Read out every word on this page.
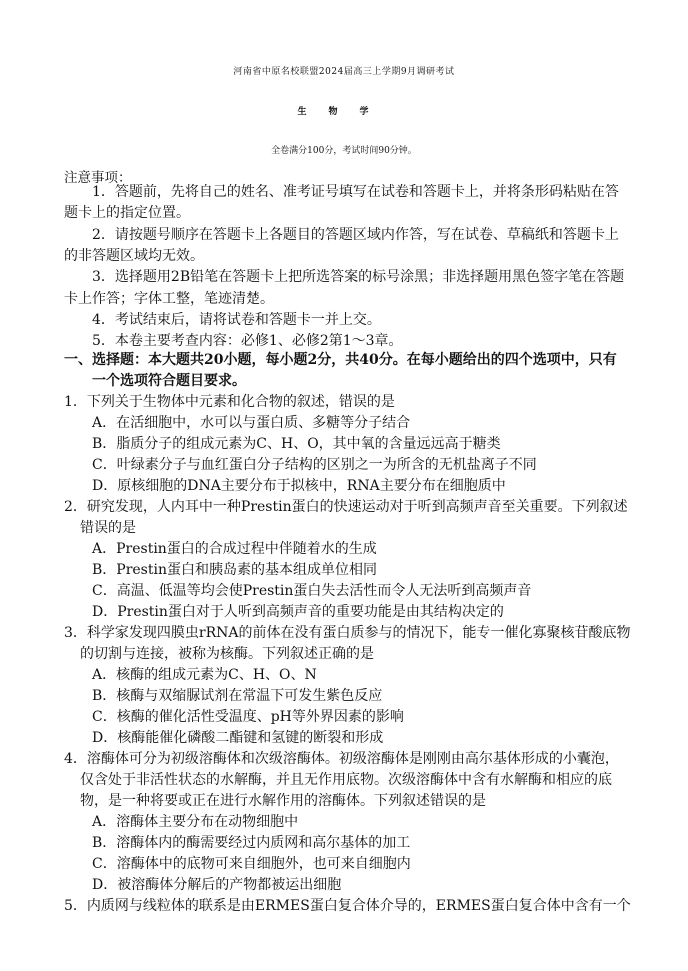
河南省中原名校联盟2024届高三上学期9月调研考试
生物学
全卷满分100分，考试时间90分钟。
注意事项：
1．答题前，先将自己的姓名、准考证号填写在试卷和答题卡上，并将条形码粘贴在答
题卡上的指定位置。
2．请按题号顺序在答题卡上各题目的答题区域内作答，写在试卷、草稿纸和答题卡上
的非答题区域均无效。
3．选择题用2B铅笔在答题卡上把所选答案的标号涂黑；非选择题用黑色签字笔在答题
卡上作答；字体工整，笔迹清楚。
4．考试结束后，请将试卷和答题卡一并上交。
5．本卷主要考查内容：必修1、必修2第1～3章。
一、选择题：本大题共20小题，每小题2分，共40分。在每小题给出的四个选项中，只有
一个选项符合题目要求。
1．下列关于生物体中元素和化合物的叙述，错误的是
A．在活细胞中，水可以与蛋白质、多糖等分子结合
B．脂质分子的组成元素为C、H、O，其中氧的含量远远高于糖类
C．叶绿素分子与血红蛋白分子结构的区别之一为所含的无机盐离子不同
D．原核细胞的DNA主要分布于拟核中，RNA主要分布在细胞质中
2．研究发现，人内耳中一种Prestin蛋白的快速运动对于听到高频声音至关重要。下列叙述
错误的是
A．Prestin蛋白的合成过程中伴随着水的生成
B．Prestin蛋白和胰岛素的基本组成单位相同
C．高温、低温等均会使Prestin蛋白失去活性而令人无法听到高频声音
D．Prestin蛋白对于人听到高频声音的重要功能是由其结构决定的
3．科学家发现四膜虫rRNA的前体在没有蛋白质参与的情况下，能专一催化寡聚核苷酸底物
的切割与连接，被称为核酶。下列叙述正确的是
A．核酶的组成元素为C、H、O、N
B．核酶与双缩脲试剂在常温下可发生紫色反应
C．核酶的催化活性受温度、pH等外界因素的影响
D．核酶能催化磷酸二酯键和氢键的断裂和形成
4．溶酶体可分为初级溶酶体和次级溶酶体。初级溶酶体是刚刚由高尔基体形成的小囊泡，
仅含处于非活性状态的水解酶，并且无作用底物。次级溶酶体中含有水解酶和相应的底
物，是一种将要或正在进行水解作用的溶酶体。下列叙述错误的是
A．溶酶体主要分布在动物细胞中
B．溶酶体内的酶需要经过内质网和高尔基体的加工
C．溶酶体中的底物可来自细胞外，也可来自细胞内
D．被溶酶体分解后的产物都被运出细胞
5．内质网与线粒体的联系是由ERMES蛋白复合体介导的，ERMES蛋白复合体中含有一个
